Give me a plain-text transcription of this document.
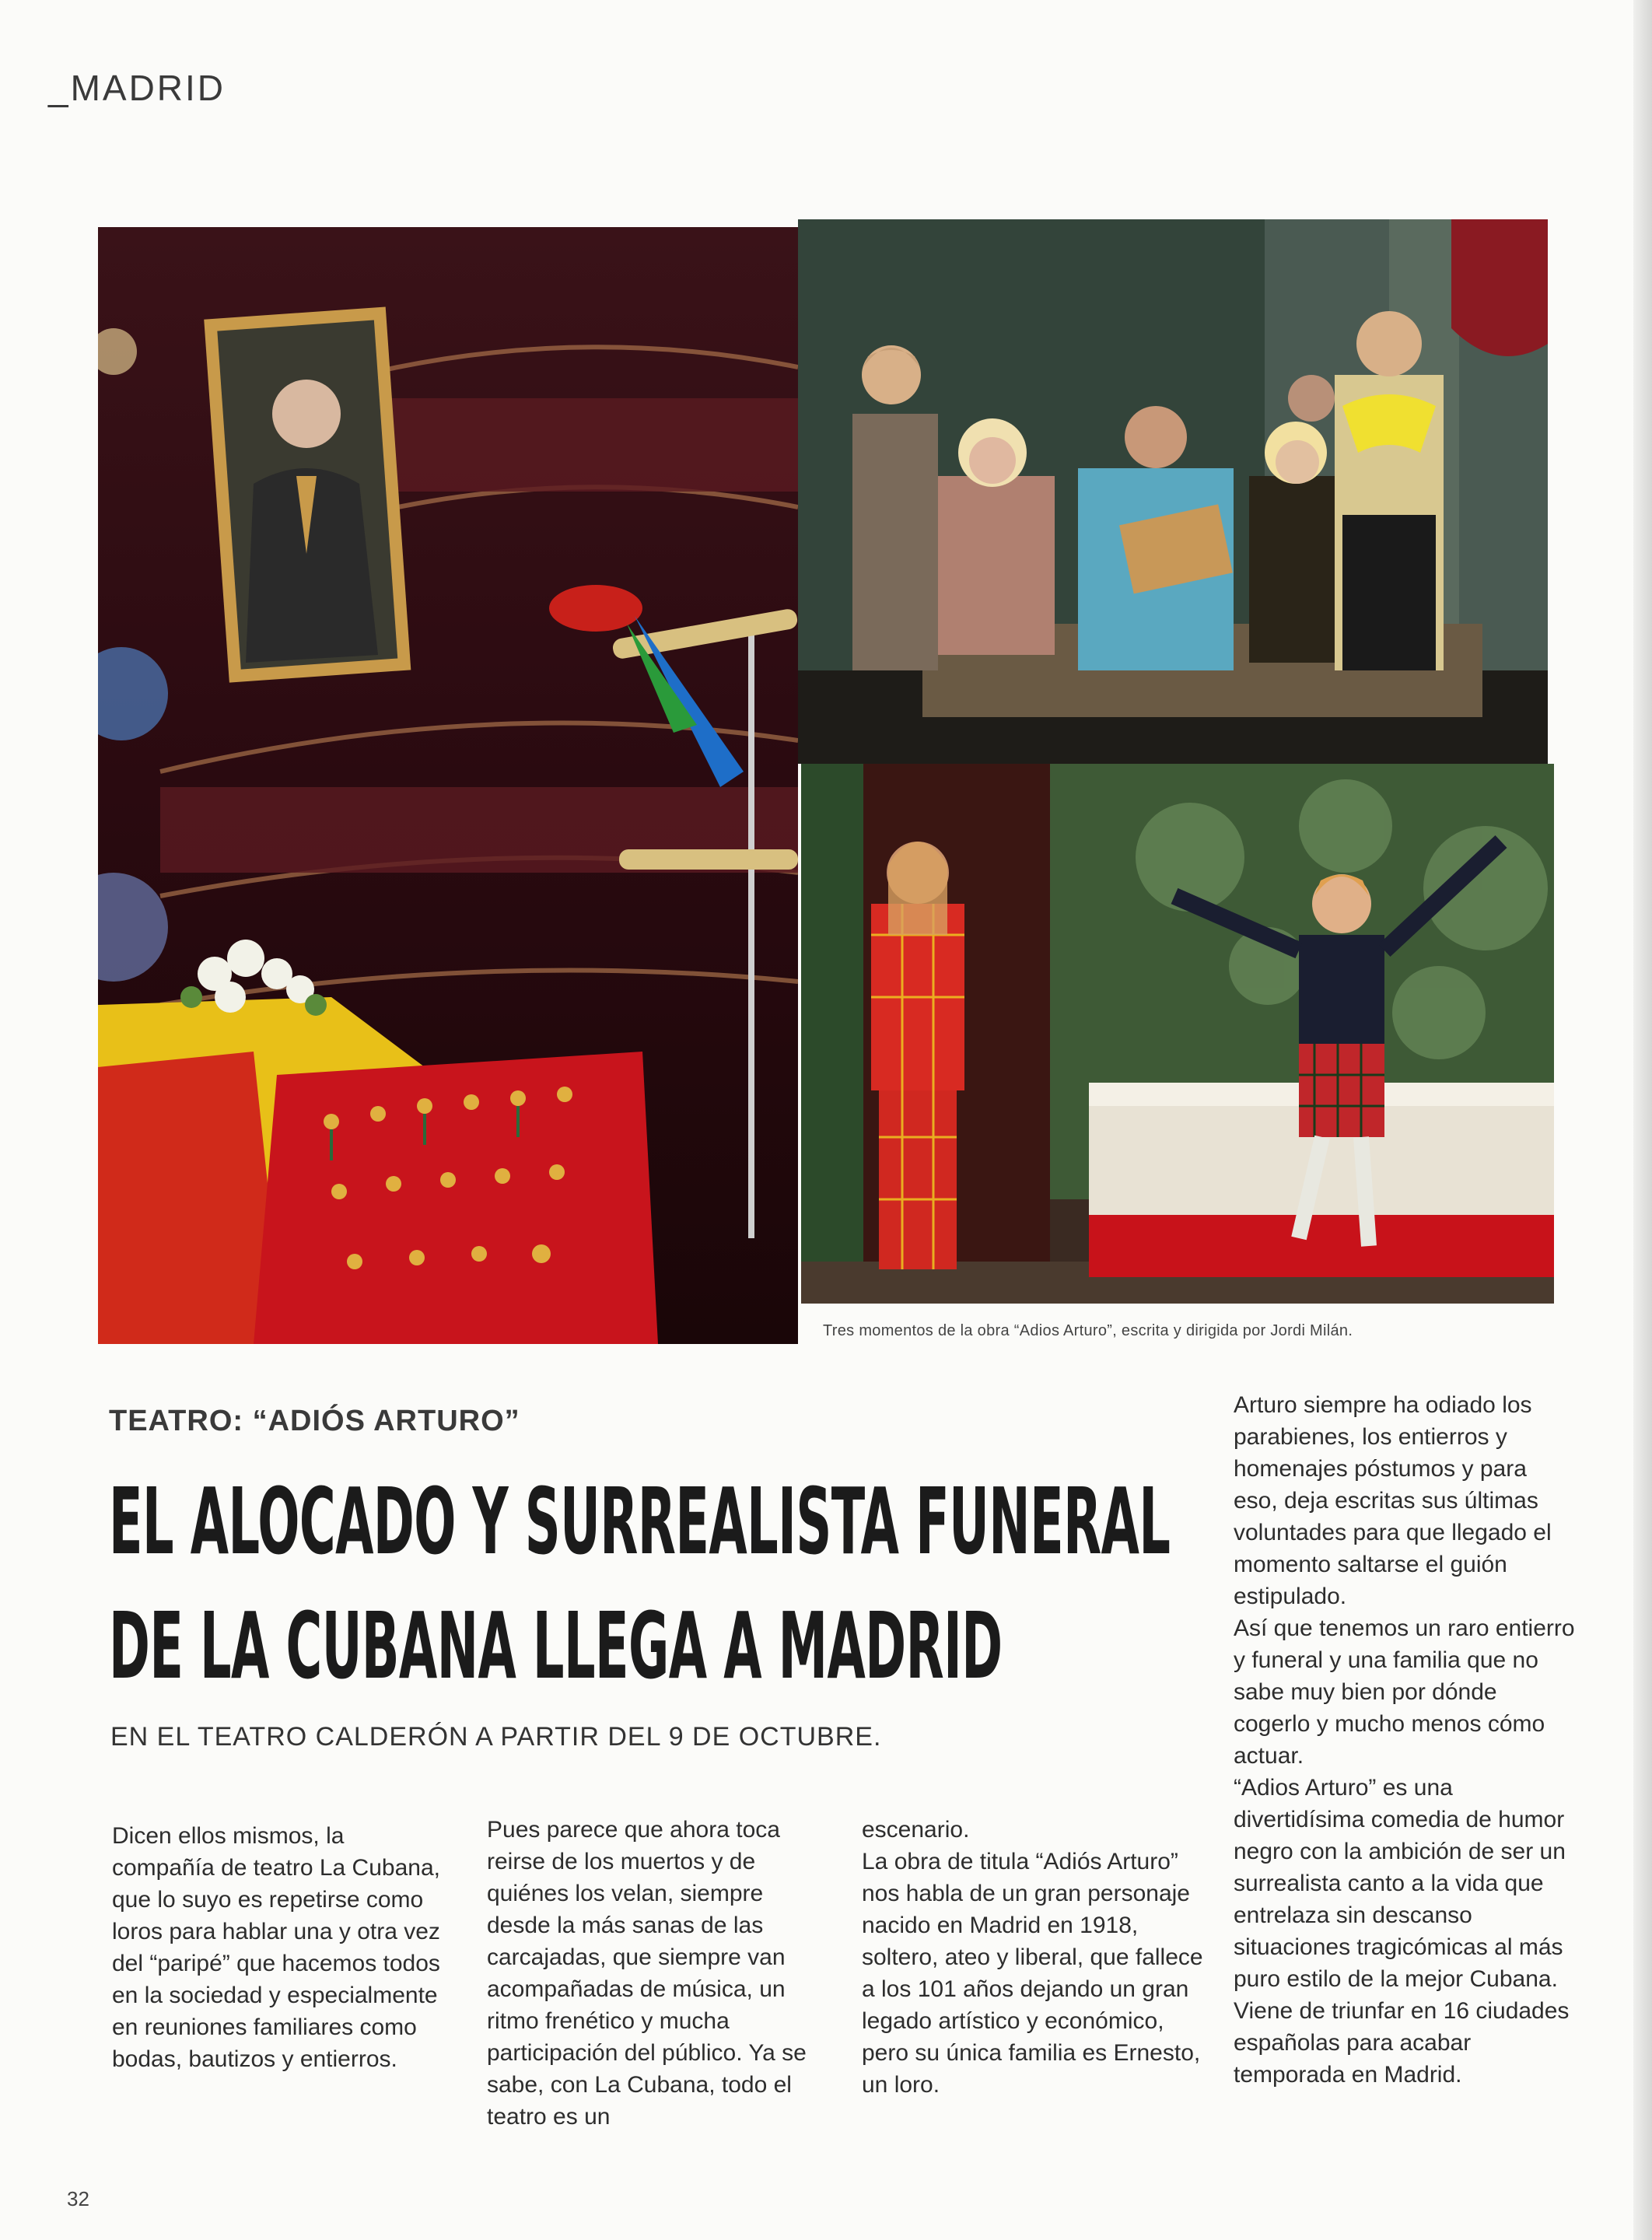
_MADRID
Tres momentos de la obra “Adios Arturo”, escrita y dirigida por Jordi Milán.
TEATRO: “ADIÓS ARTURO”
EL ALOCADO Y SURREALISTA FUNERAL
DE LA CUBANA LLEGA A MADRID
EN EL TEATRO CALDERÓN A PARTIR DEL 9 DE OCTUBRE.
Dicen ellos mismos, la compañía de teatro La Cubana, que lo suyo es repetirse como loros para hablar una y otra vez del “paripé” que hacemos todos en la sociedad y especialmente en reuniones familiares como bodas, bautizos y entierros.
Pues parece que ahora toca reirse de los muertos y de quiénes los velan, siempre desde la más sanas de las carcajadas, que siempre van acompañadas de música, un ritmo frenético y mucha participación del público. Ya se sabe, con La Cubana, todo el teatro es un
escenario.
La obra de titula “Adiós Arturo” nos habla de un gran personaje nacido en Madrid en 1918, soltero, ateo y liberal, que fallece a los 101 años dejando un gran legado artístico y económico, pero su única familia es Ernesto, un loro.
Arturo siempre ha odiado los parabienes, los entierros y homenajes póstumos y para eso, deja escritas sus últimas voluntades para que llegado el momento saltarse el guión estipulado.
Así que tenemos un raro entierro y funeral y una familia que no sabe muy bien por dónde cogerlo y mucho menos cómo actuar.
“Adios Arturo” es una divertidísima comedia de humor negro con la ambición de ser un surrealista canto a la vida que entrelaza sin descanso situaciones tragicómicas al más puro estilo de la mejor Cubana. Viene de triunfar en 16 ciudades españolas para acabar temporada en Madrid.
32
